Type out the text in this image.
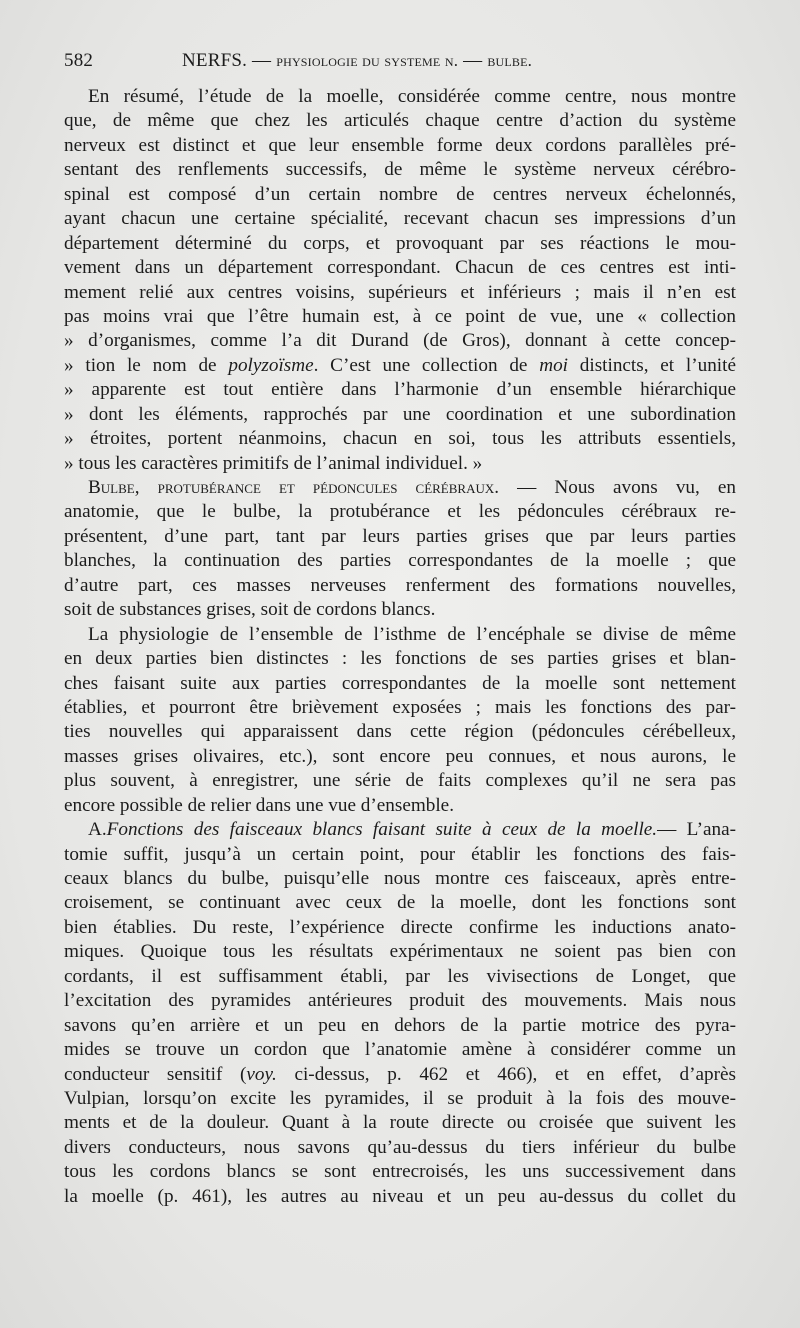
582	NERFS. — physiologie du systeme n. — bulbe.
En résumé, l’étude de la moelle, considérée comme centre, nous montre
que, de même que chez les articulés chaque centre d’action du système
nerveux est distinct et que leur ensemble forme deux cordons parallèles pré-
sentant des renflements successifs, de même le système nerveux cérébro-
spinal est composé d’un certain nombre de centres nerveux échelonnés,
ayant chacun une certaine spécialité, recevant chacun ses impressions d’un
département déterminé du corps, et provoquant par ses réactions le mou-
vement dans un département correspondant. Chacun de ces centres est inti-
mement relié aux centres voisins, supérieurs et inférieurs ; mais il n’en est
pas moins vrai que l’être humain est, à ce point de vue, une « collection
» d’organismes, comme l’a dit Durand (de Gros), donnant à cette concep-
» tion le nom de polyzoïsme. C’est une collection de moi distincts, et l’unité
» apparente est tout entière dans l’harmonie d’un ensemble hiérarchique
» dont les éléments, rapprochés par une coordination et une subordination
» étroites, portent néanmoins, chacun en soi, tous les attributs essentiels,
» tous les caractères primitifs de l’animal individuel. »
Bulbe, protubérance et pédoncules cérébraux. — Nous avons vu, en
anatomie, que le bulbe, la protubérance et les pédoncules cérébraux re-
présentent, d’une part, tant par leurs parties grises que par leurs parties
blanches, la continuation des parties correspondantes de la moelle ; que
d’autre part, ces masses nerveuses renferment des formations nouvelles,
soit de substances grises, soit de cordons blancs.
La physiologie de l’ensemble de l’isthme de l’encéphale se divise de même
en deux parties bien distinctes : les fonctions de ses parties grises et blan-
ches faisant suite aux parties correspondantes de la moelle sont nettement
établies, et pourront être brièvement exposées ; mais les fonctions des par-
ties nouvelles qui apparaissent dans cette région (pédoncules cérébelleux,
masses grises olivaires, etc.), sont encore peu connues, et nous aurons, le
plus souvent, à enregistrer, une série de faits complexes qu’il ne sera pas
encore possible de relier dans une vue d’ensemble.
A.Fonctions des faisceaux blancs faisant suite à ceux de la moelle.— L’ana-
tomie suffit, jusqu’à un certain point, pour établir les fonctions des fais-
ceaux blancs du bulbe, puisqu’elle nous montre ces faisceaux, après entre-
croisement, se continuant avec ceux de la moelle, dont les fonctions sont
bien établies. Du reste, l’expérience directe confirme les inductions anato-
miques. Quoique tous les résultats expérimentaux ne soient pas bien con
cordants, il est suffisamment établi, par les vivisections de Longet, que
l’excitation des pyramides antérieures produit des mouvements. Mais nous
savons qu’en arrière et un peu en dehors de la partie motrice des pyra-
mides se trouve un cordon que l’anatomie amène à considérer comme un
conducteur sensitif (voy. ci-dessus, p. 462 et 466), et en effet, d’après
Vulpian, lorsqu’on excite les pyramides, il se produit à la fois des mouve-
ments et de la douleur. Quant à la route directe ou croisée que suivent les
divers conducteurs, nous savons qu’au-dessus du tiers inférieur du bulbe
tous les cordons blancs se sont entrecroisés, les uns successivement dans
la moelle (p. 461), les autres au niveau et un peu au-dessus du collet du
